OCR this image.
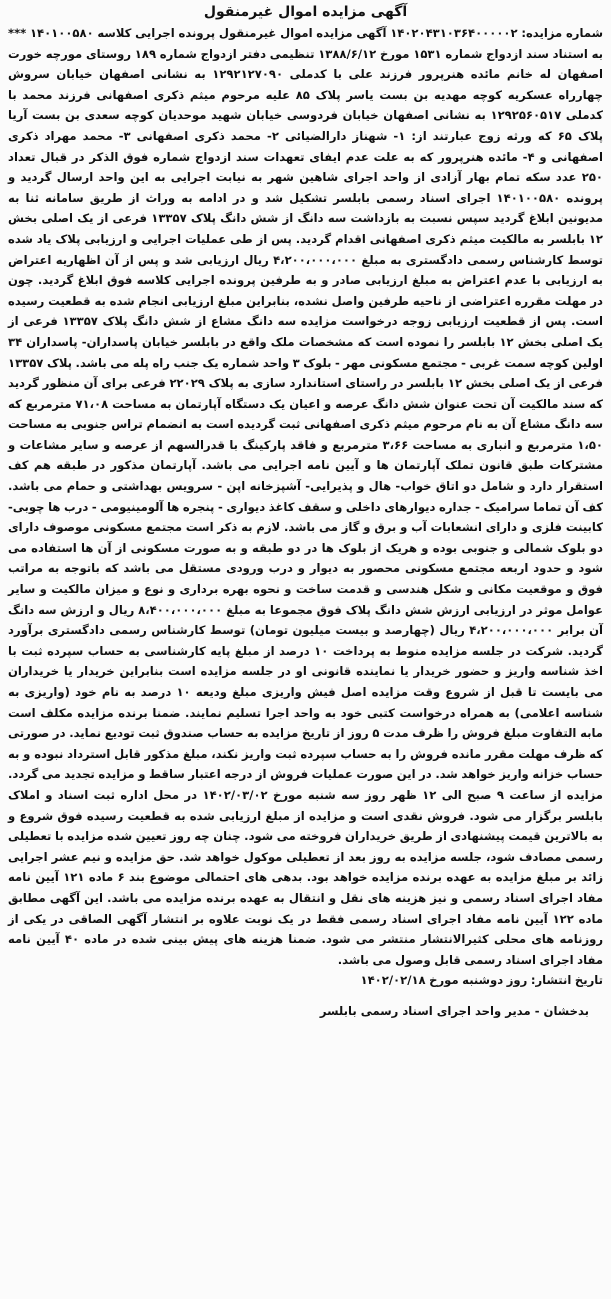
آگهی مزایده اموال غیرمنقول

شماره مزایده: ۱۴۰۲۰۴۳۱۰۳۶۴۰۰۰۰۰۲ آگهی مزایده اموال غیرمنقول پرونده اجرایی کلاسه ۱۴۰۱۰۰۵۸۰ *** به استناد سند ازدواج شماره ۱۵۳۱ مورخ ۱۳۸۸/۶/۱۲ تنظیمی دفتر ازدواج شماره ۱۸۹ روستای مورچه خورت اصفهان له خانم مائده هنرپرور فرزند علی با کدملی ۱۲۹۲۱۲۷۰۹۰ به نشانی اصفهان خیابان سروش چهارراه عسکریه کوچه مهدیه بن بست یاسر پلاک ۸۵ علیه مرحوم میثم ذکری اصفهانی فرزند محمد با کدملی ۱۲۹۲۵۶۰۵۱۷ به نشانی اصفهان خیابان فردوسی خیابان شهید موحدیان کوچه سعدی بن بست آریا پلاک ۶۵ که ورثه زوج عبارتند از: ۱- شهناز دارالضیائی ۲- محمد ذکری اصفهانی ۳- محمد مهراد ذکری اصفهانی و ۴- مائده هنرپرور که به علت عدم ایفای تعهدات سند ازدواج شماره فوق الذکر در قبال تعداد ۲۵۰ عدد سکه تمام بهار آزادی از واحد اجرای شاهین شهر به نیابت اجرایی به این واحد ارسال گردید و پرونده ۱۴۰۱۰۰۵۸۰ اجرای اسناد رسمی بابلسر تشکیل شد و در ادامه به وراث از طریق سامانه ثنا به مدیونین ابلاغ گردید سپس نسبت به بازداشت سه دانگ از شش دانگ پلاک ۱۳۳۵۷ فرعی از یک اصلی بخش ۱۲ بابلسر به مالکیت میثم ذکری اصفهانی اقدام گردید. پس از طی عملیات اجرایی و ارزیابی پلاک یاد شده توسط کارشناس رسمی دادگستری به مبلغ ۴،۲۰۰،۰۰۰،۰۰۰ ریال ارزیابی شد و پس از آن اظهاریه اعتراض به ارزیابی با عدم اعتراض به مبلغ ارزیابی صادر و به طرفین پرونده اجرایی کلاسه فوق ابلاغ گردید. چون در مهلت مقرره اعتراضی از ناحیه طرفین واصل نشده، بنابراین مبلغ ارزیابی انجام شده به قطعیت رسیده است. پس از قطعیت ارزیابی زوجه درخواست مزایده سه دانگ مشاع از شش دانگ پلاک ۱۳۳۵۷ فرعی از یک اصلی بخش ۱۲ بابلسر را نموده است که مشخصات ملک واقع در بابلسر خیابان پاسداران- پاسداران ۳۴ اولین کوچه سمت غربی - مجتمع مسکونی مهر - بلوک ۳ واحد شماره یک جنب راه پله می باشد. پلاک ۱۳۳۵۷ فرعی از یک اصلی بخش ۱۲ بابلسر در راستای استاندارد سازی به پلاک ۲۲۰۲۹ فرعی برای آن منظور گردید که سند مالکیت آن تحت عنوان شش دانگ عرصه و اعیان یک دستگاه آپارتمان به مساحت ۷۱،۰۸ مترمربع که سه دانگ مشاع آن به نام مرحوم میثم ذکری اصفهانی ثبت گردیده است به انضمام تراس جنوبی به مساحت ۱،۵۰ مترمربع و انباری به مساحت ۳،۶۶ مترمربع و فاقد پارکینگ با قدرالسهم از عرصه و سایر مشاعات و مشترکات طبق قانون تملک آپارتمان ها و آیین نامه اجرایی می باشد. آپارتمان مذکور در طبقه هم کف استقرار دارد و شامل دو اتاق خواب- هال و پذیرایی- آشپزخانه اپن - سرویس بهداشتی و حمام می باشد. کف آن تماما سرامیک - جداره دیوارهای داخلی و سقف کاغذ دیواری - پنجره ها آلومینیومی - درب ها چوبی- کابینت فلزی و دارای انشعابات آب و برق و گاز می باشد. لازم به ذکر است مجتمع مسکونی موصوف دارای دو بلوک شمالی و جنوبی بوده و هریک از بلوک ها در دو طبقه و به صورت مسکونی از آن ها استفاده می شود و حدود اربعه مجتمع مسکونی محصور به دیوار و درب ورودی مستقل می باشد که باتوجه به مراتب فوق و موقعیت مکانی و شکل هندسی و قدمت ساخت و نحوه بهره برداری و نوع و میزان مالکیت و سایر عوامل موثر در ارزیابی ارزش شش دانگ پلاک فوق مجموعا به مبلغ ۸،۴۰۰،۰۰۰،۰۰۰ ریال و ارزش سه دانگ آن برابر ۴،۲۰۰،۰۰۰،۰۰۰ ریال (چهارصد و بیست میلیون تومان) توسط کارشناس رسمی دادگستری برآورد گردید. شرکت در جلسه مزایده منوط به پرداخت ۱۰ درصد از مبلغ پایه کارشناسی به حساب سپرده ثبت با اخذ شناسه واریز و حضور خریدار یا نماینده قانونی او در جلسه مزایده است بنابراین خریدار یا خریداران می بایست تا قبل از شروع وقت مزایده اصل فیش واریزی مبلغ ودیعه ۱۰ درصد به نام خود (واریزی به شناسه اعلامی) به همراه درخواست کتبی خود به واحد اجرا تسلیم نمایند. ضمنا برنده مزایده مکلف است مابه التفاوت مبلغ فروش را ظرف مدت ۵ روز از تاریخ مزایده به حساب صندوق ثبت تودیع نماید. در صورتی که ظرف مهلت مقرر مانده فروش را به حساب سپرده ثبت واریز نکند، مبلغ مذکور قابل استرداد نبوده و به حساب خزانه واریز خواهد شد. در این صورت عملیات فروش از درجه اعتبار ساقط و مزایده تجدید می گردد. مزایده از ساعت ۹ صبح الی ۱۲ ظهر روز سه شنبه مورخ ۱۴۰۲/۰۳/۰۲ در محل اداره ثبت اسناد و املاک بابلسر برگزار می شود. فروش نقدی است و مزایده از مبلغ ارزیابی شده به قطعیت رسیده فوق شروع و به بالاترین قیمت پیشنهادی از طریق خریداران فروخته می شود. چنان چه روز تعیین شده مزایده با تعطیلی رسمی مصادف شود، جلسه مزایده به روز بعد از تعطیلی موکول خواهد شد. حق مزایده و نیم عشر اجرایی زائد بر مبلغ مزایده به عهده برنده مزایده خواهد بود. بدهی های احتمالی موضوع بند ۶ ماده ۱۲۱ آیین نامه مفاد اجرای اسناد رسمی و نیز هزینه های نقل و انتقال به عهده برنده مزایده می باشد. این آگهی مطابق ماده ۱۲۲ آیین نامه مفاد اجرای اسناد رسمی فقط در یک نوبت علاوه بر انتشار آگهی الصاقی در یکی از روزنامه های محلی کثیرالانتشار منتشر می شود. ضمنا هزینه های پیش بینی شده در ماده ۴۰ آیین نامه مفاد اجرای اسناد رسمی قابل وصول می باشد.

تاریخ انتشار: روز دوشنبه مورخ ۱۴۰۲/۰۲/۱۸

بدخشان - مدیر واحد اجرای اسناد رسمی بابلسر
